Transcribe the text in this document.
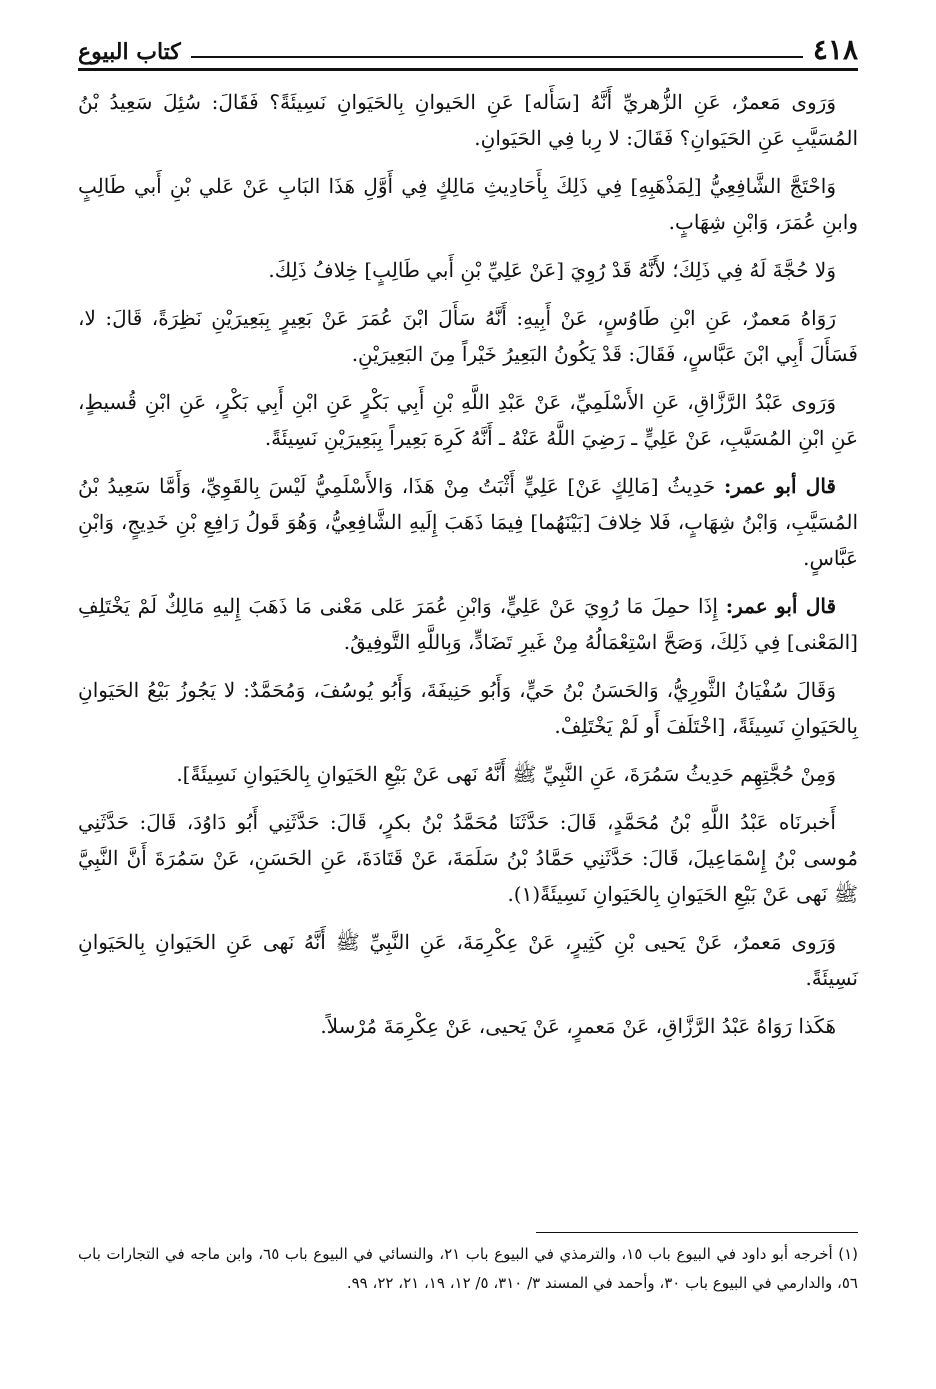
٤١٨
كتاب البيوع

وَرَوى مَعمرٌ، عَنِ الزُّهريِّ أَنَّهُ [سَأَله] عَنِ الحَيوانِ بِالحَيَوانِ نَسِيئَةً؟ فَقَالَ: سُئِلَ سَعِيدُ بْنُ المُسَيَّبِ عَنِ الحَيَوانِ؟ فَقَالَ: لا رِبا فِي الحَيَوانِ.

وَاحْتَجَّ الشَّافِعِيُّ [لِمَذْهَبِهِ] فِي ذَلِكَ بِأَحَادِيثِ مَالِكٍ فِي أَوَّلِ هَذَا البَابِ عَنْ عَلي بْنِ أَبي طَالِبٍ وابنِ عُمَرَ، وَابْنِ شِهَابٍ.

وَلا حُجَّةَ لَهُ فِي ذَلِكَ؛ لأَنَّهُ قَدْ رُوِيَ [عَنْ عَلِيِّ بْنِ أَبي طَالِبٍ] خِلافُ ذَلِكَ.

رَوَاهُ مَعمرٌ، عَنِ ابْنِ طَاوُسٍ، عَنْ أَبِيهِ: أَنَّهُ سَأَلَ ابْنَ عُمَرَ عَنْ بَعِيرٍ بِبَعِيرَيْنِ نَظِرَةً، قَالَ: لا، فَسَأَلَ أَبِي ابْنَ عَبَّاسٍ، فَقَالَ: قَدْ يَكُونُ البَعِيرُ خَيْراً مِنَ البَعِيرَيْنِ.

وَرَوى عَبْدُ الرَّزَّاقِ، عَنِ الأَسْلَمِيِّ، عَنْ عَبْدِ اللَّهِ بْنِ أَبِي بَكْرٍ عَنِ ابْنِ أَبِي بَكْرٍ، عَنِ ابْنِ قُسيطٍ، عَنِ ابْنِ المُسَيَّبِ، عَنْ عَلِيٍّ ـ رَضِيَ اللَّهُ عَنْهُ ـ أَنَّهُ كَرِهَ بَعِيراً بِبَعِيرَيْنِ نَسِيئَةً.

قال أبو عمر: حَدِيثُ [مَالِكٍ عَنْ] عَلِيٍّ أَثْبَتُ مِنْ هَذَا، وَالأَسْلَمِيُّ لَيْسَ بِالقَوِيِّ، وَأَمَّا سَعِيدُ بْنُ المُسَيَّبِ، وَابْنُ شِهَابٍ، فَلا خِلافَ [بَيْنَهُما] فِيمَا ذَهَبَ إِلَيهِ الشَّافِعِيُّ، وَهُوَ قَولُ رَافِعِ بْنِ خَدِيجٍ، وَابْنِ عَبَّاسٍ.

قال أبو عمر: إِذَا حمِلَ مَا رُوِيَ عَنْ عَلِيٍّ، وَابْنِ عُمَرَ عَلى مَعْنى مَا ذَهَبَ إِليهِ مَالِكٌ لَمْ يَخْتَلِفِ [المَعْنى] فِي ذَلِكَ، وَصَحَّ اسْتِعْمَالُهُ مِنْ غَيرِ تَضَادٍّ، وَبِاللَّهِ التَّوفِيقُ.

وَقَالَ سُفْيَانُ الثَّورِيُّ، وَالحَسَنُ بْنُ حَيٍّ، وَأَبُو حَنِيفَةَ، وَأَبُو يُوسُفَ، وَمُحَمَّدٌ: لا يَجُوزُ بَيْعُ الحَيَوانِ بِالحَيَوانِ نَسِيئَةً، [اخْتَلَفَ أَو لَمْ يَخْتَلِفْ.

وَمِنْ حُجَّتِهِم حَدِيثُ سَمُرَةَ، عَنِ النَّبِيِّ ﷺ أَنَّهُ نَهى عَنْ بَيْعِ الحَيَوانِ بِالحَيَوانِ نَسِيئَةً].

أَخبرنَاه عَبْدُ اللَّهِ بْنُ مُحَمَّدٍ، قَالَ: حَدَّثَنَا مُحَمَّدُ بْنُ بكرٍ، قَالَ: حَدَّثَنِي أَبُو دَاوُدَ، قَالَ: حَدَّثَنِي مُوسى بْنُ إِسْمَاعِيلَ، قَالَ: حَدَّثَنِي حَمَّادُ بْنُ سَلَمَةَ، عَنْ قَتَادَةَ، عَنِ الحَسَنِ، عَنْ سَمُرَةَ أَنَّ النَّبِيَّ ﷺ نَهى عَنْ بَيْعِ الحَيَوانِ بِالحَيَوانِ نَسِيئَةً(١).

وَرَوى مَعمرٌ، عَنْ يَحيى بْنِ كَثِيرٍ، عَنْ عِكْرِمَةَ، عَنِ النَّبِيِّ ﷺ أَنَّهُ نَهى عَنِ الحَيَوانِ بِالحَيَوانِ نَسِيئَةً.

هَكَذا رَوَاهُ عَبْدُ الرَّزَّاقِ، عَنْ مَعمرٍ، عَنْ يَحيى، عَنْ عِكْرِمَةَ مُرْسلاً.

(١) أخرجه أبو داود في البيوع باب ١٥، والترمذي في البيوع باب ٢١، والنسائي في البيوع باب ٦٥، وابن ماجه في التجارات باب ٥٦، والدارمي في البيوع باب ٣٠، وأحمد في المسند ٣/ ٣١٠، ٥/ ١٢، ١٩، ٢١، ٢٢، ٩٩.
